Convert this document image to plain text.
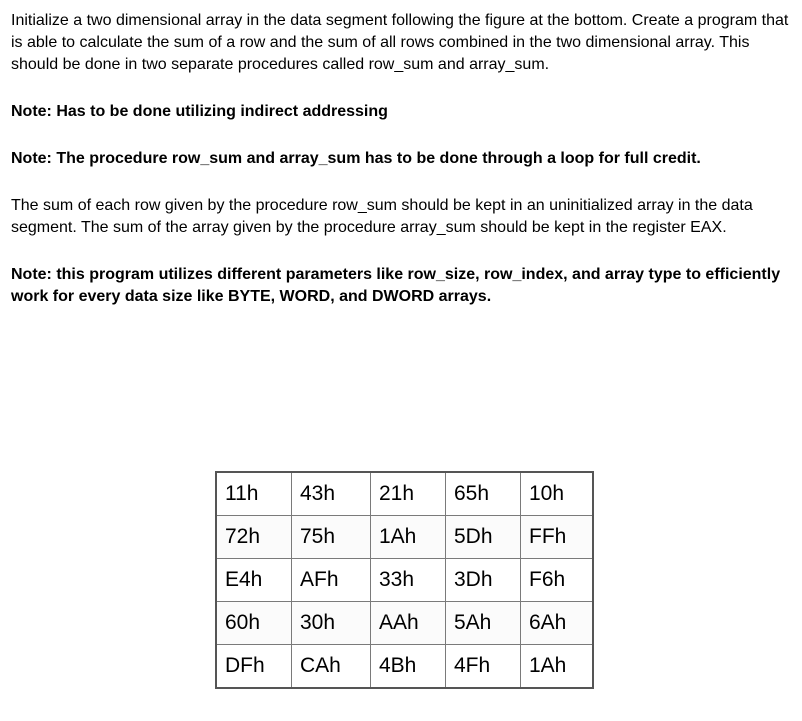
Initialize a two dimensional array in the data segment following the figure at the bottom. Create a program that is able to calculate the sum of a row and the sum of all rows combined in the two dimensional array. This should be done in two separate procedures called row_sum and array_sum.

Note: Has to be done utilizing indirect addressing

Note: The procedure row_sum and array_sum has to be done through a loop for full credit.

The sum of each row given by the procedure row_sum should be kept in an uninitialized array in the data segment. The sum of the array given by the procedure array_sum should be kept in the register EAX.

Note: this program utilizes different parameters like row_size, row_index, and array type to efficiently work for every data size like BYTE, WORD, and DWORD arrays.

11h	43h	21h	65h	10h
72h	75h	1Ah	5Dh	FFh
E4h	AFh	33h	3Dh	F6h
60h	30h	AAh	5Ah	6Ah
DFh	CAh	4Bh	4Fh	1Ah
